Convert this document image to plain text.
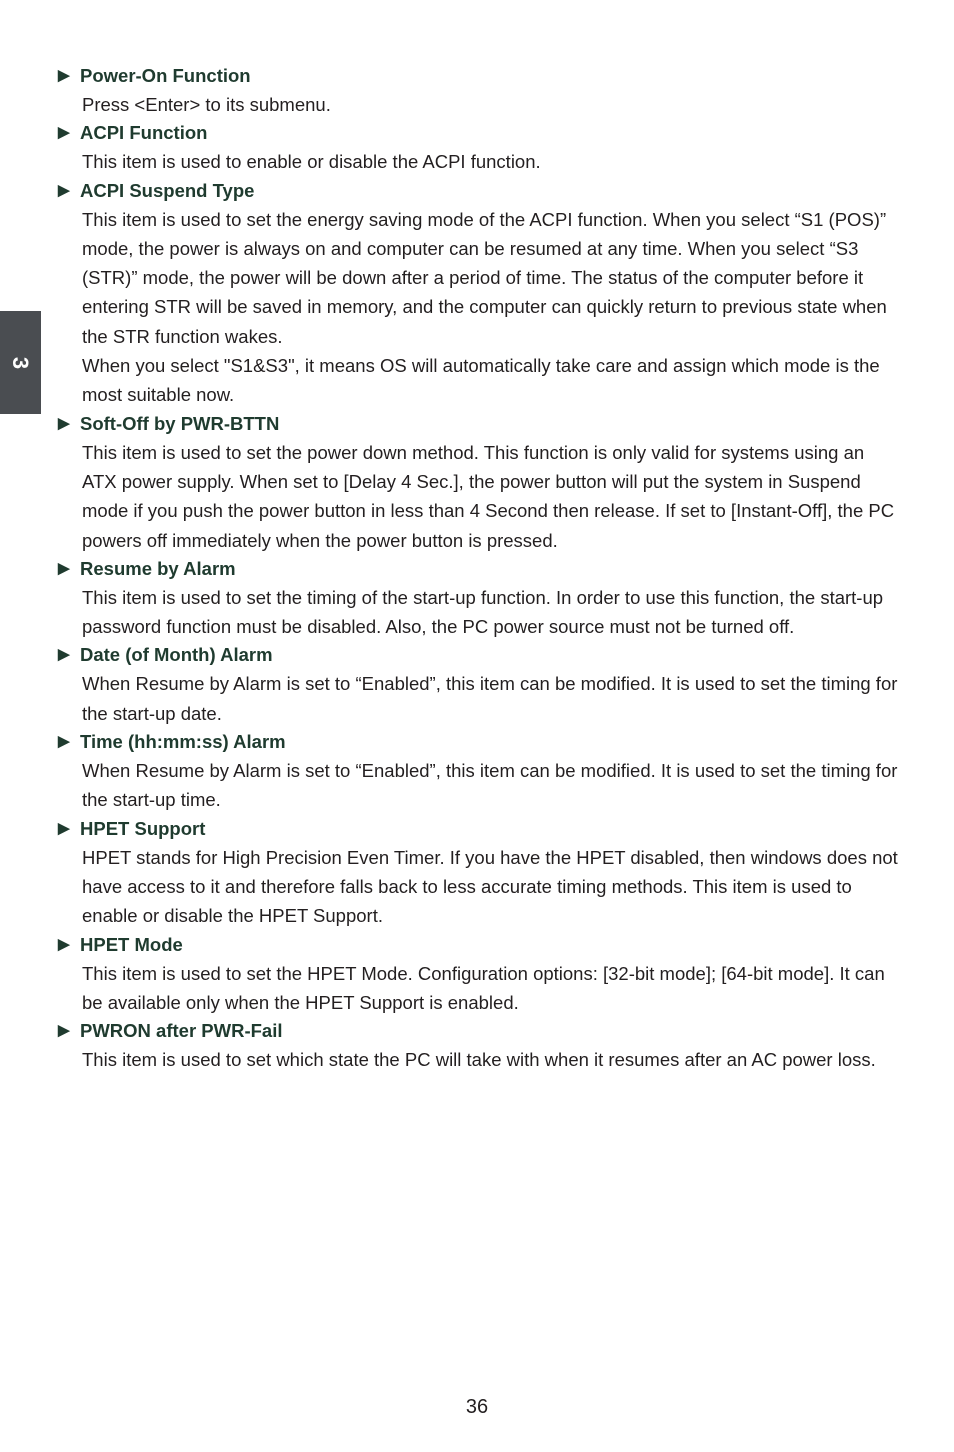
3
▶ Power-On Function
Press <Enter> to its submenu.
▶ ACPI Function
This item is used to enable or disable the ACPI function.
▶ ACPI Suspend Type
This item is used to set the energy saving mode of the ACPI function. When you select “S1 (POS)” mode, the power is always on and computer can be resumed at any time. When you select “S3 (STR)” mode, the power will be down after a period of time. The status of the computer before it entering STR will be saved in memory, and the computer can quickly return to previous state when the STR function wakes.
When you select "S1&S3", it means OS will automatically take care and assign which mode is the most suitable now.
▶ Soft-Off by PWR-BTTN
This item is used to set the power down method. This function is only valid for systems using an ATX power supply. When set to [Delay 4 Sec.], the power button will put the system in Suspend mode if you push the power button in less than 4 Second then release. If set to [Instant-Off], the PC powers off immediately when the power button is pressed.
▶ Resume by Alarm
This item is used to set the timing of the start-up function. In order to use this function, the start-up password function must be disabled. Also, the PC power source must not be turned off.
▶ Date (of Month) Alarm
When Resume by Alarm is set to “Enabled”, this item can be modified. It is used to set the timing for the start-up date.
▶ Time (hh:mm:ss) Alarm
When Resume by Alarm is set to “Enabled”, this item can be modified. It is used to set the timing for the start-up time.
▶ HPET Support
HPET stands for High Precision Even Timer. If you have the HPET disabled, then windows does not have access to it and therefore falls back to less accurate timing methods. This item is used to enable or disable the HPET Support.
▶ HPET Mode
This item is used to set the HPET Mode. Configuration options: [32-bit mode]; [64-bit mode]. It can be available only when the HPET Support is enabled.
▶ PWRON after PWR-Fail
This item is used to set which state the PC will take with when it resumes after an AC power loss.
36
